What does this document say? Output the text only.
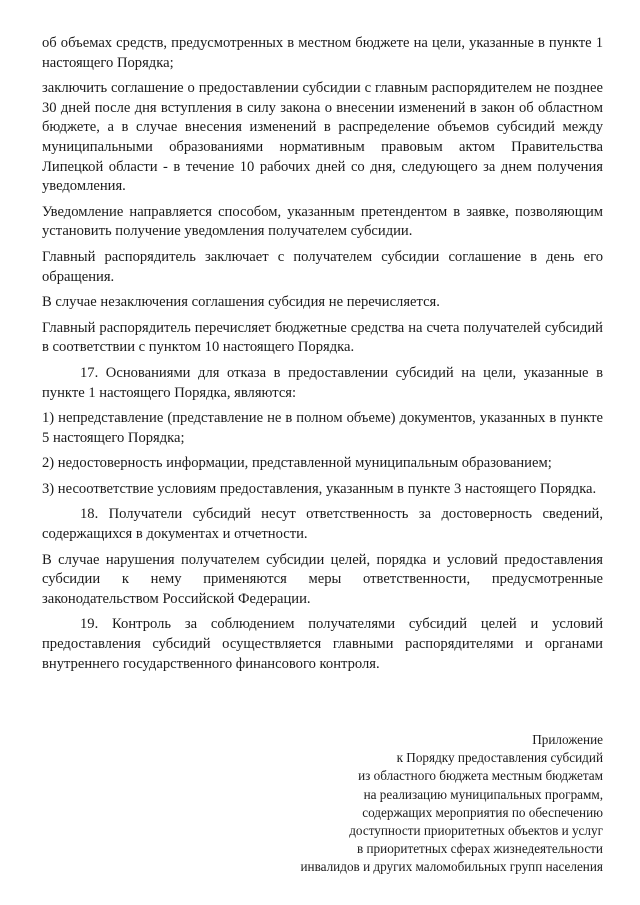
об объемах средств, предусмотренных в местном бюджете на цели, указанные в пункте 1 настоящего Порядка;

заключить соглашение о предоставлении субсидии с главным распорядителем не позднее 30 дней после дня вступления в силу закона о внесении изменений в закон об областном бюджете, а в случае внесения изменений в распределение объемов субсидий между муниципальными образованиями нормативным правовым актом Правительства Липецкой области - в течение 10 рабочих дней со дня, следующего за днем получения уведомления.

Уведомление направляется способом, указанным претендентом в заявке, позволяющим установить получение уведомления получателем субсидии.

Главный распорядитель заключает с получателем субсидии соглашение в день его обращения.

В случае незаключения соглашения субсидия не перечисляется.

Главный распорядитель перечисляет бюджетные средства на счета получателей субсидий в соответствии с пунктом 10 настоящего Порядка.

17. Основаниями для отказа в предоставлении субсидий на цели, указанные в пункте 1 настоящего Порядка, являются:

1) непредставление (представление не в полном объеме) документов, указанных в пункте 5 настоящего Порядка;

2) недостоверность информации, представленной муниципальным образованием;

3) несоответствие условиям предоставления, указанным в пункте 3 настоящего Порядка.

18. Получатели субсидий несут ответственность за достоверность сведений, содержащихся в документах и отчетности.

В случае нарушения получателем субсидии целей, порядка и условий предоставления субсидии к нему применяются меры ответственности, предусмотренные законодательством Российской Федерации.

19. Контроль за соблюдением получателями субсидий целей и условий предоставления субсидий осуществляется главными распорядителями и органами внутреннего государственного финансового контроля.

Приложение
к Порядку предоставления субсидий
из областного бюджета местным бюджетам
на реализацию муниципальных программ,
содержащих мероприятия по обеспечению
доступности приоритетных объектов и услуг
в приоритетных сферах жизнедеятельности
инвалидов и других маломобильных групп населения
